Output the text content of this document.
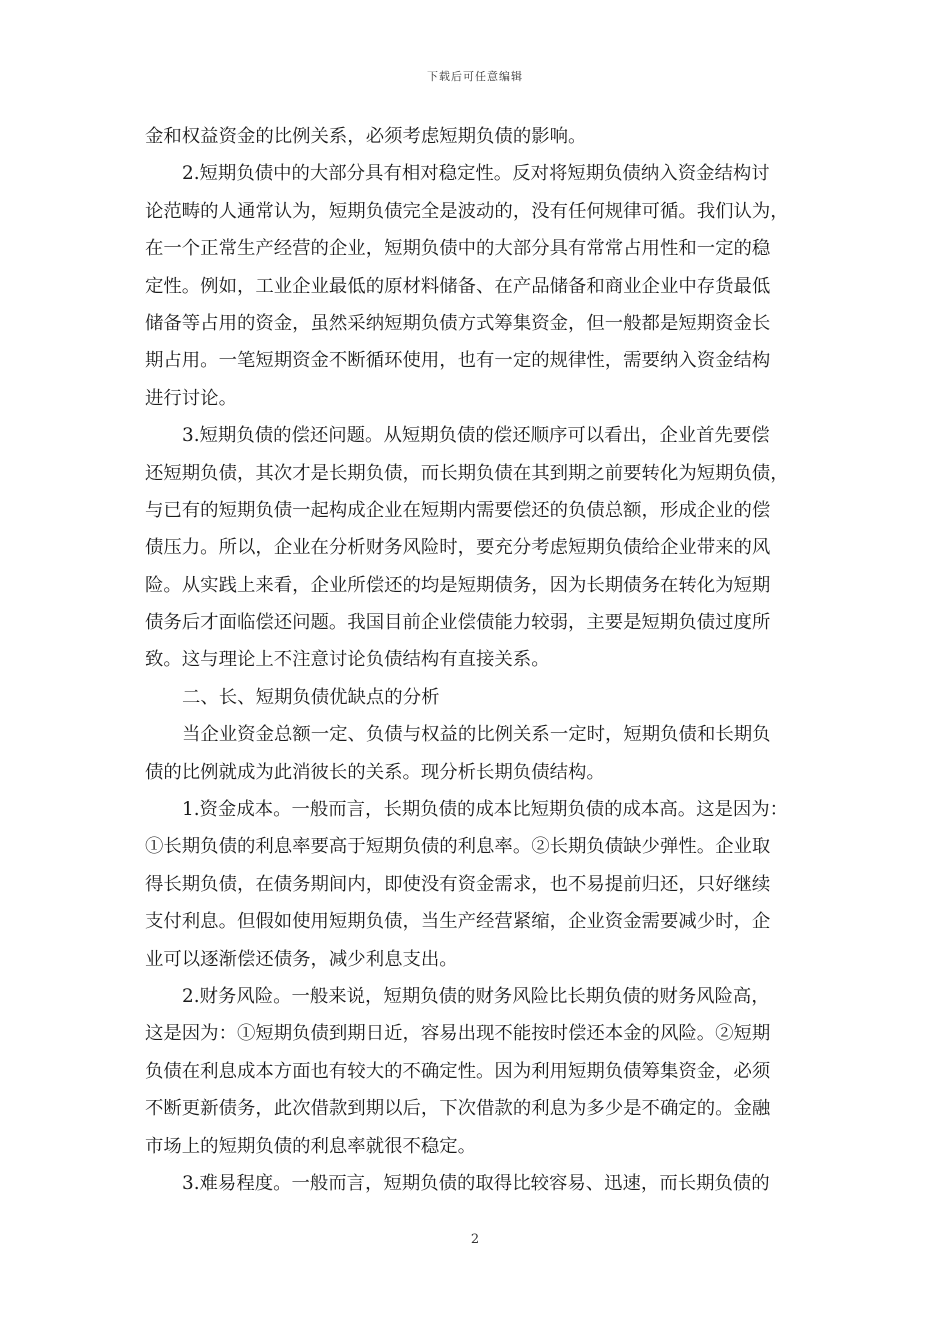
下载后可任意编辑
金和权益资金的比例关系，必须考虑短期负债的影响。
2.短期负债中的大部分具有相对稳定性。反对将短期负债纳入资金结构讨
论范畴的人通常认为，短期负债完全是波动的，没有任何规律可循。我们认为，
在一个正常生产经营的企业，短期负债中的大部分具有常常占用性和一定的稳
定性。例如，工业企业最低的原材料储备、在产品储备和商业企业中存货最低
储备等占用的资金，虽然采纳短期负债方式筹集资金，但一般都是短期资金长
期占用。一笔短期资金不断循环使用，也有一定的规律性，需要纳入资金结构
进行讨论。
3.短期负债的偿还问题。从短期负债的偿还顺序可以看出，企业首先要偿
还短期负债，其次才是长期负债，而长期负债在其到期之前要转化为短期负债，
与已有的短期负债一起构成企业在短期内需要偿还的负债总额，形成企业的偿
债压力。所以，企业在分析财务风险时，要充分考虑短期负债给企业带来的风
险。从实践上来看，企业所偿还的均是短期债务，因为长期债务在转化为短期
债务后才面临偿还问题。我国目前企业偿债能力较弱，主要是短期负债过度所
致。这与理论上不注意讨论负债结构有直接关系。
二、长、短期负债优缺点的分析
当企业资金总额一定、负债与权益的比例关系一定时，短期负债和长期负
债的比例就成为此消彼长的关系。现分析长期负债结构。
1.资金成本。一般而言，长期负债的成本比短期负债的成本高。这是因为：
①长期负债的利息率要高于短期负债的利息率。②长期负债缺少弹性。企业取
得长期负债，在债务期间内，即使没有资金需求，也不易提前归还，只好继续
支付利息。但假如使用短期负债，当生产经营紧缩，企业资金需要减少时，企
业可以逐渐偿还债务，减少利息支出。
2.财务风险。一般来说，短期负债的财务风险比长期负债的财务风险高，
这是因为：①短期负债到期日近，容易出现不能按时偿还本金的风险。②短期
负债在利息成本方面也有较大的不确定性。因为利用短期负债筹集资金，必须
不断更新债务，此次借款到期以后，下次借款的利息为多少是不确定的。金融
市场上的短期负债的利息率就很不稳定。
3.难易程度。一般而言，短期负债的取得比较容易、迅速，而长期负债的
2
